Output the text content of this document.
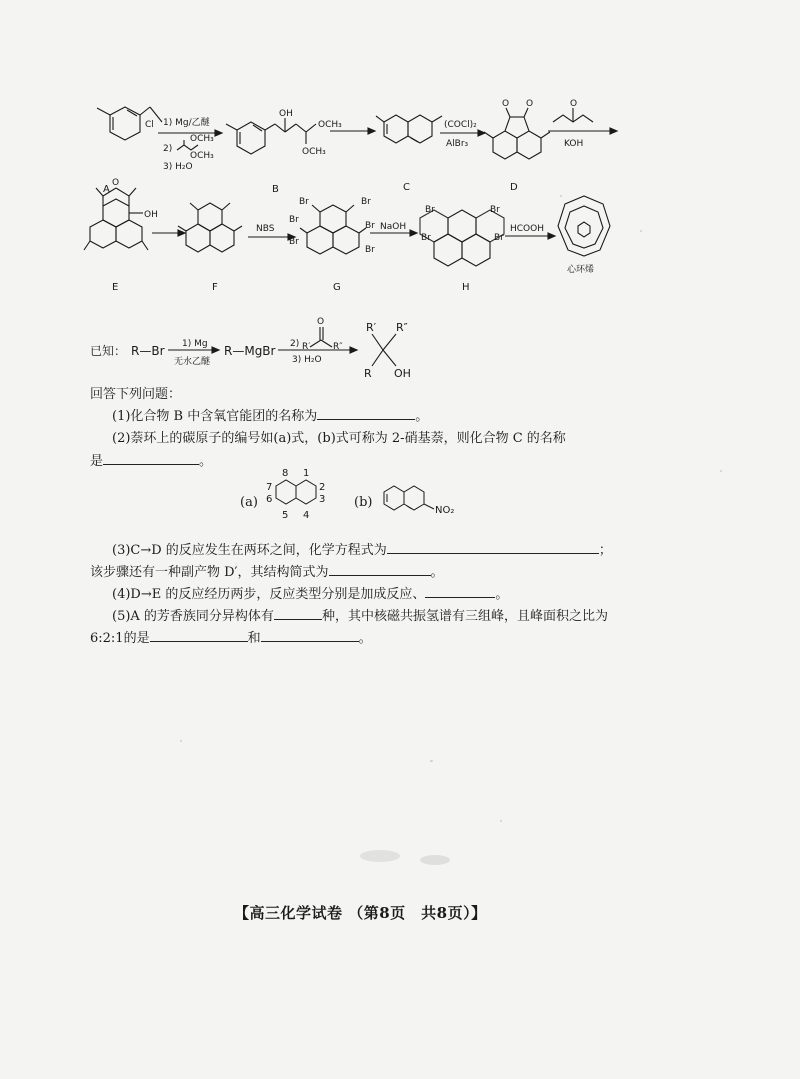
Cl
A
1) Mg/乙醚
2)
3) H₂O
OCH₃
OCH₃
OH
OCH₃
OCH₃
B	C
(COCl)₂
AlBr₃
O O
D
O
KOH
O
OH
E	F
NBS
Br
Br
Br
Br
Br
Br
G
NaOH
Br
Br
Br
Br
H
HCOOH
心环烯
已知： R—Br 1) Mg
无水乙醚
R—MgBr 2)
O
R′	R″
3) H₂O
R′ R″
R OH
回答下列问题：
(1)化合物 B 中含氧官能团的名称为	。
(2)萘环上的碳原子的编号如(a)式，(b)式可称为 2-硝基萘，则化合物 C 的名称
是	。
(a)
8 1
7	2
6	3
5 4
(b)
NO₂
(3)C→D 的反应发生在两环之间，化学方程式为	；
该步骤还有一种副产物 D′，其结构简式为	。
(4)D→E 的反应经历两步，反应类型分别是加成反应、	。
(5)A 的芳香族同分异构体有	种，其中核磁共振氢谱有三组峰，且峰面积之比为
6:2:1的是	和	。
【高三化学试卷 （第8页　共8页）】
